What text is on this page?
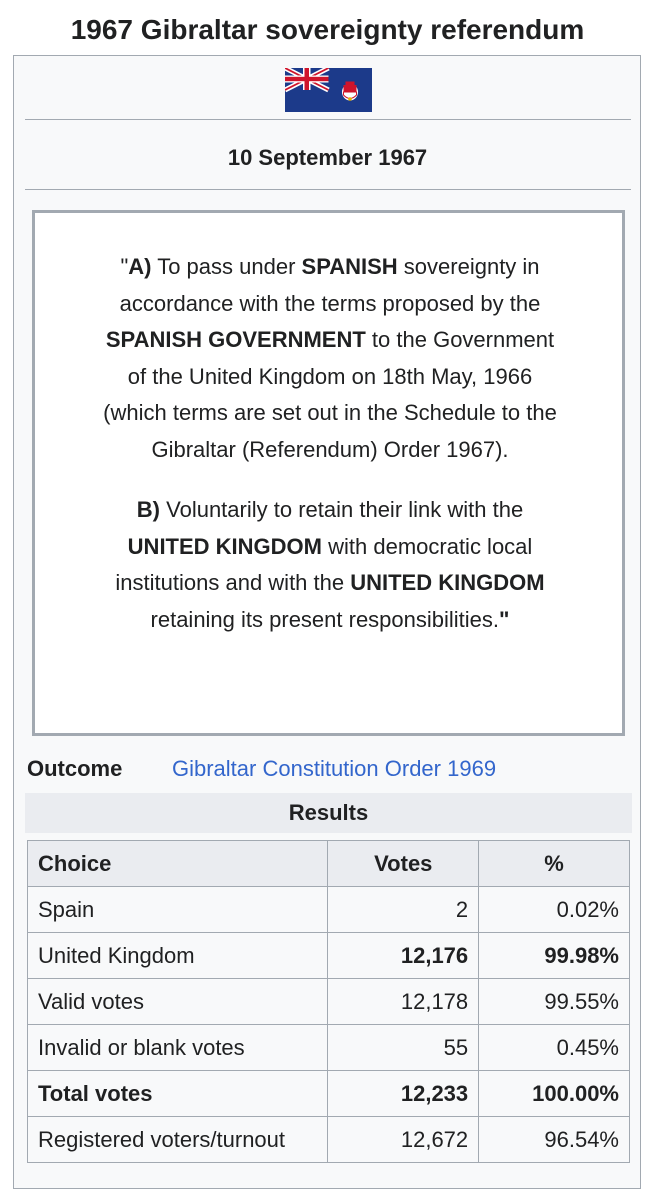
1967 Gibraltar sovereignty referendum
10 September 1967

"A) To pass under SPANISH sovereignty in accordance with the terms proposed by the SPANISH GOVERNMENT to the Government of the United Kingdom on 18th May, 1966 (which terms are set out in the Schedule to the Gibraltar (Referendum) Order 1967).

B) Voluntarily to retain their link with the UNITED KINGDOM with democratic local institutions and with the UNITED KINGDOM retaining its present responsibilities."

Outcome Gibraltar Constitution Order 1969
Results
Choice	Votes	%
Spain	2	0.02%
United Kingdom	12,176	99.98%
Valid votes	12,178	99.55%
Invalid or blank votes	55	0.45%
Total votes	12,233	100.00%
Registered voters/turnout	12,672	96.54%
